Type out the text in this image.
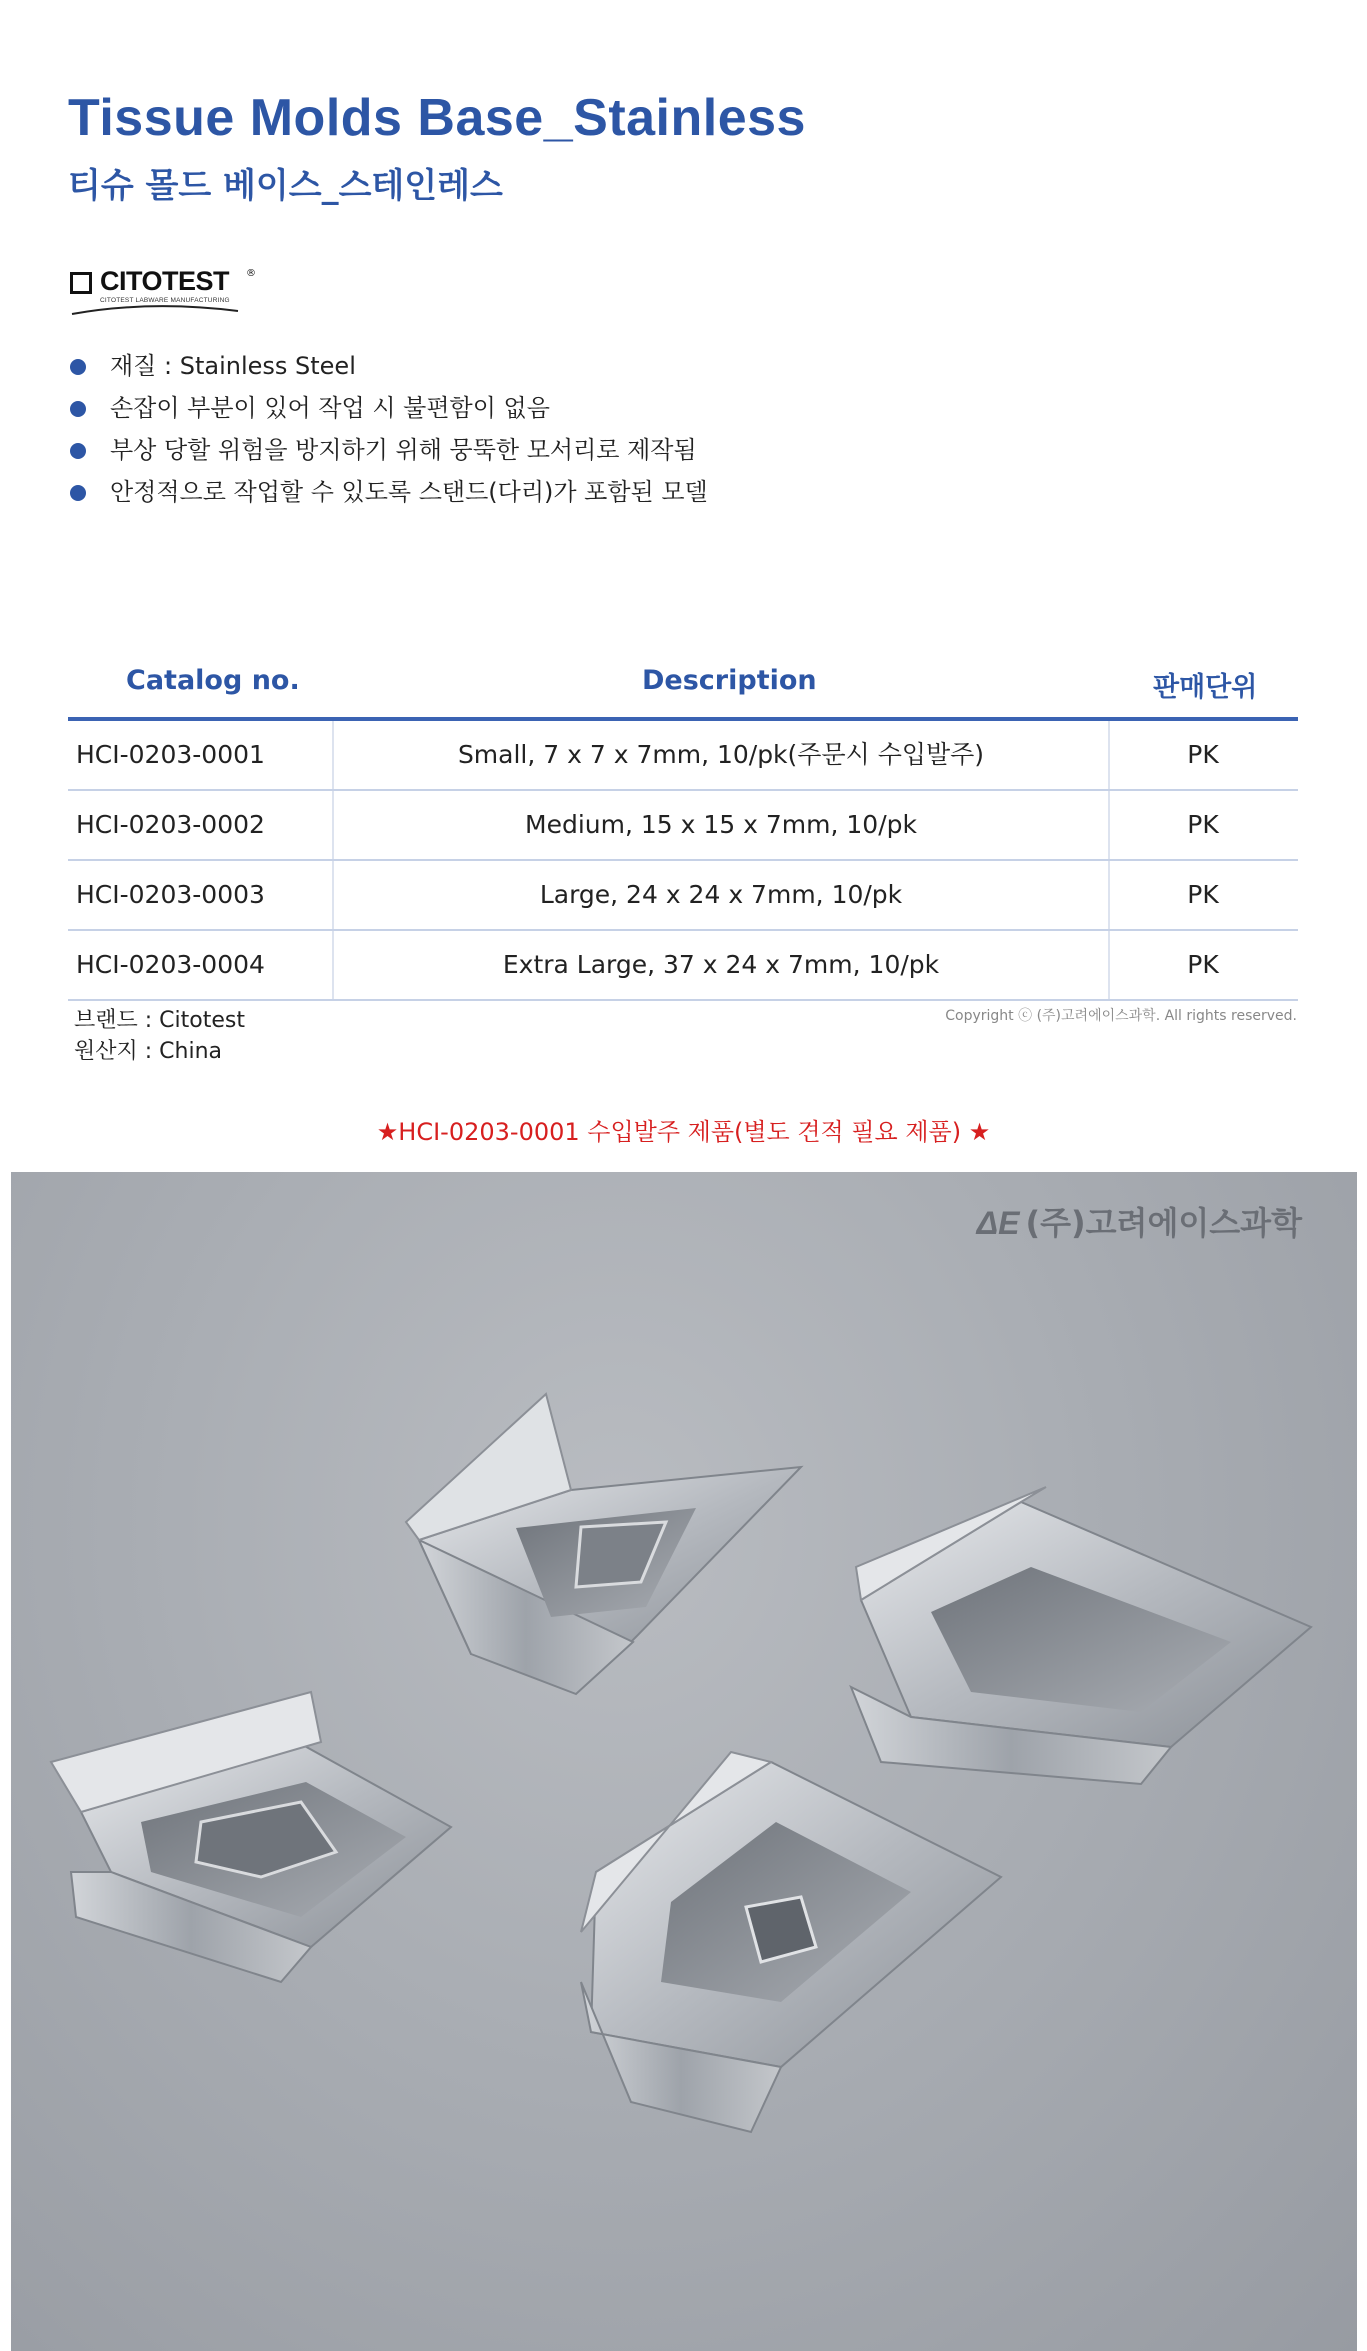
Tissue Molds Base_Stainless
티슈 몰드 베이스_스테인레스
CITOTEST ®
CITOTEST LABWARE MANUFACTURING
재질 : Stainless Steel
손잡이 부분이 있어 작업 시 불편함이 없음
부상 당할 위험을 방지하기 위해 뭉뚝한 모서리로 제작됨
안정적으로 작업할 수 있도록 스탠드(다리)가 포함된 모델
Catalog no.	Description	판매단위
HCI-0203-0001	Small, 7 x 7 x 7mm, 10/pk(주문시 수입발주)	PK
HCI-0203-0002	Medium, 15 x 15 x 7mm, 10/pk	PK
HCI-0203-0003	Large, 24 x 24 x 7mm, 10/pk	PK
HCI-0203-0004	Extra Large, 37 x 24 x 7mm, 10/pk	PK
브랜드 : Citotest
원산지 : China
Copyright ⓒ (주)고려에이스과학. All rights reserved.
★HCI-0203-0001 수입발주 제품(별도 견적 필요 제품) ★
ΔE (주)고려에이스과학
